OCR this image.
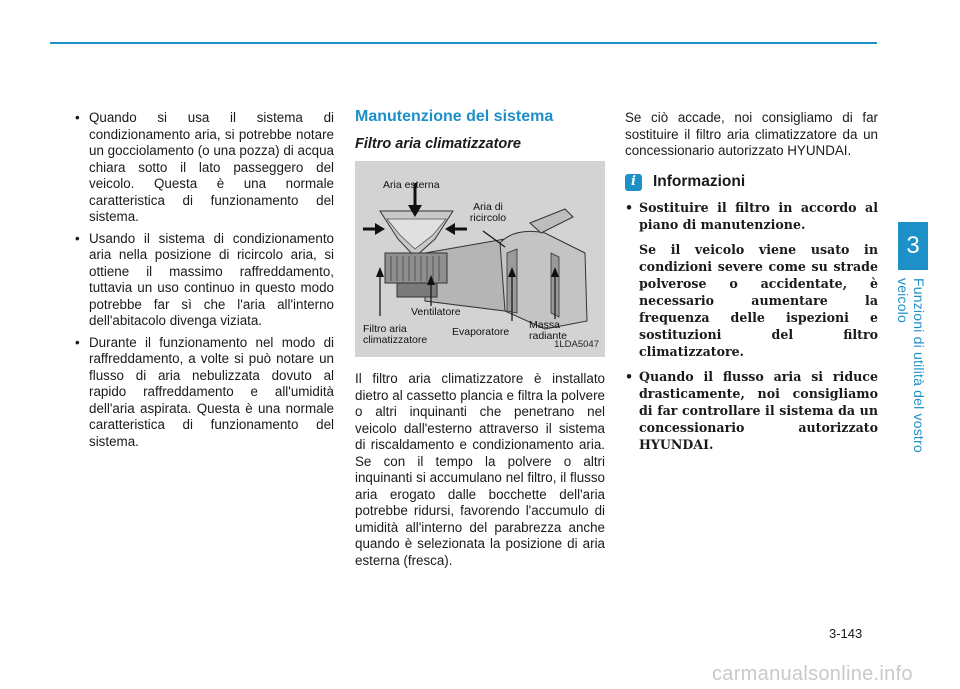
3
Funzioni di utilità del vostro veicolo
• Quando si usa il sistema di condizionamento aria, si potrebbe notare un gocciolamento (o una pozza) di acqua chiara sotto il lato passeggero del veicolo. Questa è una normale caratteristica di funzionamento del sistema.
• Usando il sistema di condizionamento aria nella posizione di ricircolo aria, si ottiene il massimo raffreddamento, tuttavia un uso continuo in questo modo potrebbe far sì che l'aria all'interno dell'abitacolo divenga viziata.
• Durante il funzionamento nel modo di raffreddamento, a volte si può notare un flusso di aria nebulizzata dovuto al rapido raffreddamento e all'umidità dell'aria aspirata. Questa è una normale caratteristica di funzionamento del sistema.
Manutenzione del sistema
Filtro aria climatizzatore
Aria esterna
Aria di ricircolo
Ventilatore
Filtro aria climatizzatore
Evaporatore
Massa radiante
1LDA5047

Il filtro aria climatizzatore è installato dietro al cassetto plancia e filtra la polvere o altri inquinanti che penetrano nel veicolo dall'esterno attraverso il sistema di riscaldamento e condizionamento aria. Se con il tempo la polvere o altri inquinanti si accumulano nel filtro, il flusso aria erogato dalle bocchette dell'aria potrebbe ridursi, favorendo l'accumulo di umidità all'interno del parabrezza anche quando è selezionata la posizione di aria esterna (fresca).

Se ciò accade, noi consigliamo di far sostituire il filtro aria climatizzatore da un concessionario autorizzato HYUNDAI.

i	Informazioni

• Sostituire il filtro in accordo al piano di manutenzione.

Se il veicolo viene usato in condizioni severe come su strade polverose o accidentate, è necessario aumentare la frequenza delle ispezioni e sostituzioni del filtro climatizzatore.

• Quando il flusso aria si riduce drasticamente, noi consigliamo di far controllare il sistema da un concessionario autorizzato HYUNDAI.
3-143
carmanualsonline.info
